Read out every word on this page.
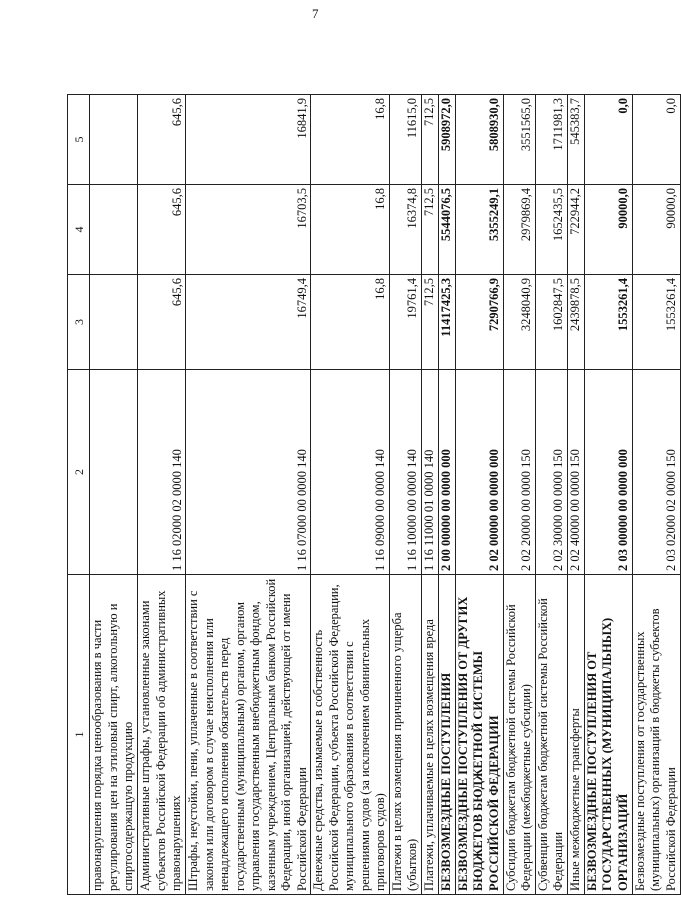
7
1	2	3	4	5
правонарушения порядка ценообразования в части регулирования цен на этиловый спирт, алкогольную и спиртосодержащую продукцию				
Административные штрафы, установленные законами субъектов Российской Федерации об административных правонарушениях	1 16 02000 02 0000 140	645,6	645,6	645,6
Штрафы, неустойки, пени, уплаченные в соответствии с законом или договором в случае неисполнения или ненадлежащего исполнения обязательств перед государственным (муниципальным) органом, органом управления государственным внебюджетным фондом, казенным учреждением, Центральным банком Российской Федерации, иной организацией, действующей от имени Российской Федерации	1 16 07000 00 0000 140	16749,4	16703,5	16841,9
Денежные средства, изымаемые в собственность Российской Федерации, субъекта Российской Федерации, муниципального образования в соответствии с решениями судов (за исключением обвинительных приговоров судов)	1 16 09000 00 0000 140	16,8	16,8	16,8
Платежи в целях возмещения причиненного ущерба (убытков)	1 16 10000 00 0000 140	19761,4	16374,8	11615,0
Платежи, уплачиваемые в целях возмещения вреда	1 16 11000 01 0000 140	712,5	712,5	712,5
БЕЗВОЗМЕЗДНЫЕ ПОСТУПЛЕНИЯ	2 00 00000 00 0000 000	11417425,3	5544076,5	5908972,0
БЕЗВОЗМЕЗДНЫЕ ПОСТУПЛЕНИЯ ОТ ДРУГИХ БЮДЖЕТОВ БЮДЖЕТНОЙ СИСТЕМЫ РОССИЙСКОЙ ФЕДЕРАЦИИ	2 02 00000 00 0000 000	7290766,9	5355249,1	5808930,0
Субсидии бюджетам бюджетной системы Российской Федерации (межбюджетные субсидии)	2 02 20000 00 0000 150	3248040,9	2979869,4	3551565,0
Субвенции бюджетам бюджетной системы Российской Федерации	2 02 30000 00 0000 150	1602847,5	1652435,5	1711981,3
Иные межбюджетные трансферты	2 02 40000 00 0000 150	2439878,5	722944,2	545383,7
БЕЗВОЗМЕЗДНЫЕ ПОСТУПЛЕНИЯ ОТ ГОСУДАРСТВЕННЫХ (МУНИЦИПАЛЬНЫХ) ОРГАНИЗАЦИЙ	2 03 00000 00 0000 000	1553261,4	90000,0	0,0
Безвозмездные поступления от государственных (муниципальных) организаций в бюджеты субъектов Российской Федерации	2 03 02000 02 0000 150	1553261,4	90000,0	0,0
